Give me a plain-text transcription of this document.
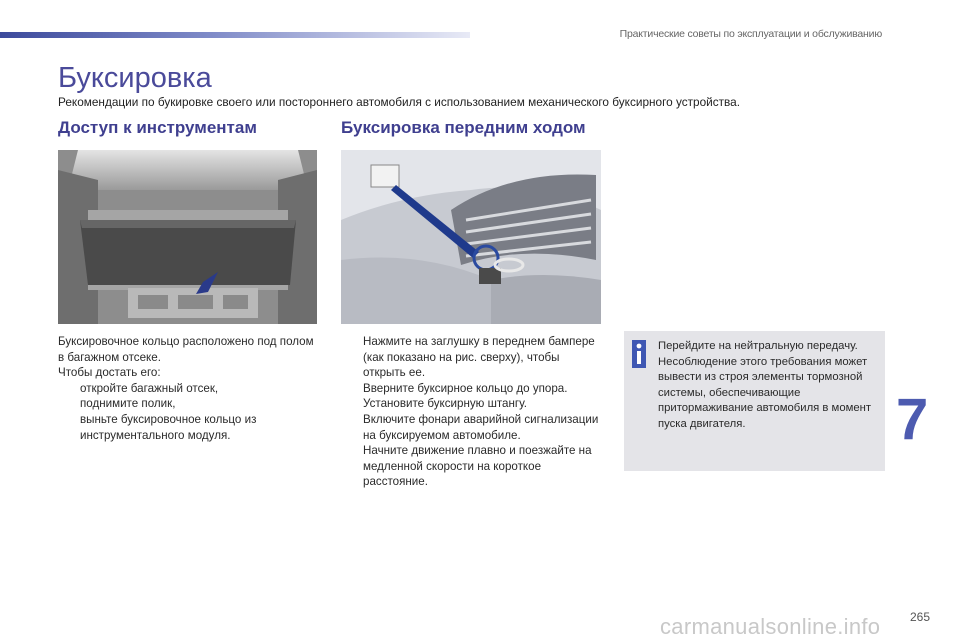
Практические советы по эксплуатации и обслуживанию
Буксировка
Рекомендации по букировке своего или постороннего автомобиля с использованием механического буксирного устройства.
Доступ к инструментам	Буксировка передним ходом

Буксировочное кольцо расположено под полом в багажном отсеке.

Чтобы достать его:

откройте багажный отсек,
поднимите полик,
выньте буксировочное кольцо из инструментального модуля.
Нажмите на заглушку в переднем бампере (как показано на рис. сверху), чтобы открыть ее.
Вверните буксирное кольцо до упора.
Установите буксирную штангу.
Включите фонари аварийной сигнализации на буксируемом автомобиле.
Начните движение плавно и поезжайте на медленной скорости на короткое расстояние.
Перейдите на нейтральную передачу. Несоблюдение этого требования может вывести из строя элементы тормозной системы, обеспечивающие притормаживание автомобиля в момент пуска двигателя.	7
carmanualsonline.info 265
